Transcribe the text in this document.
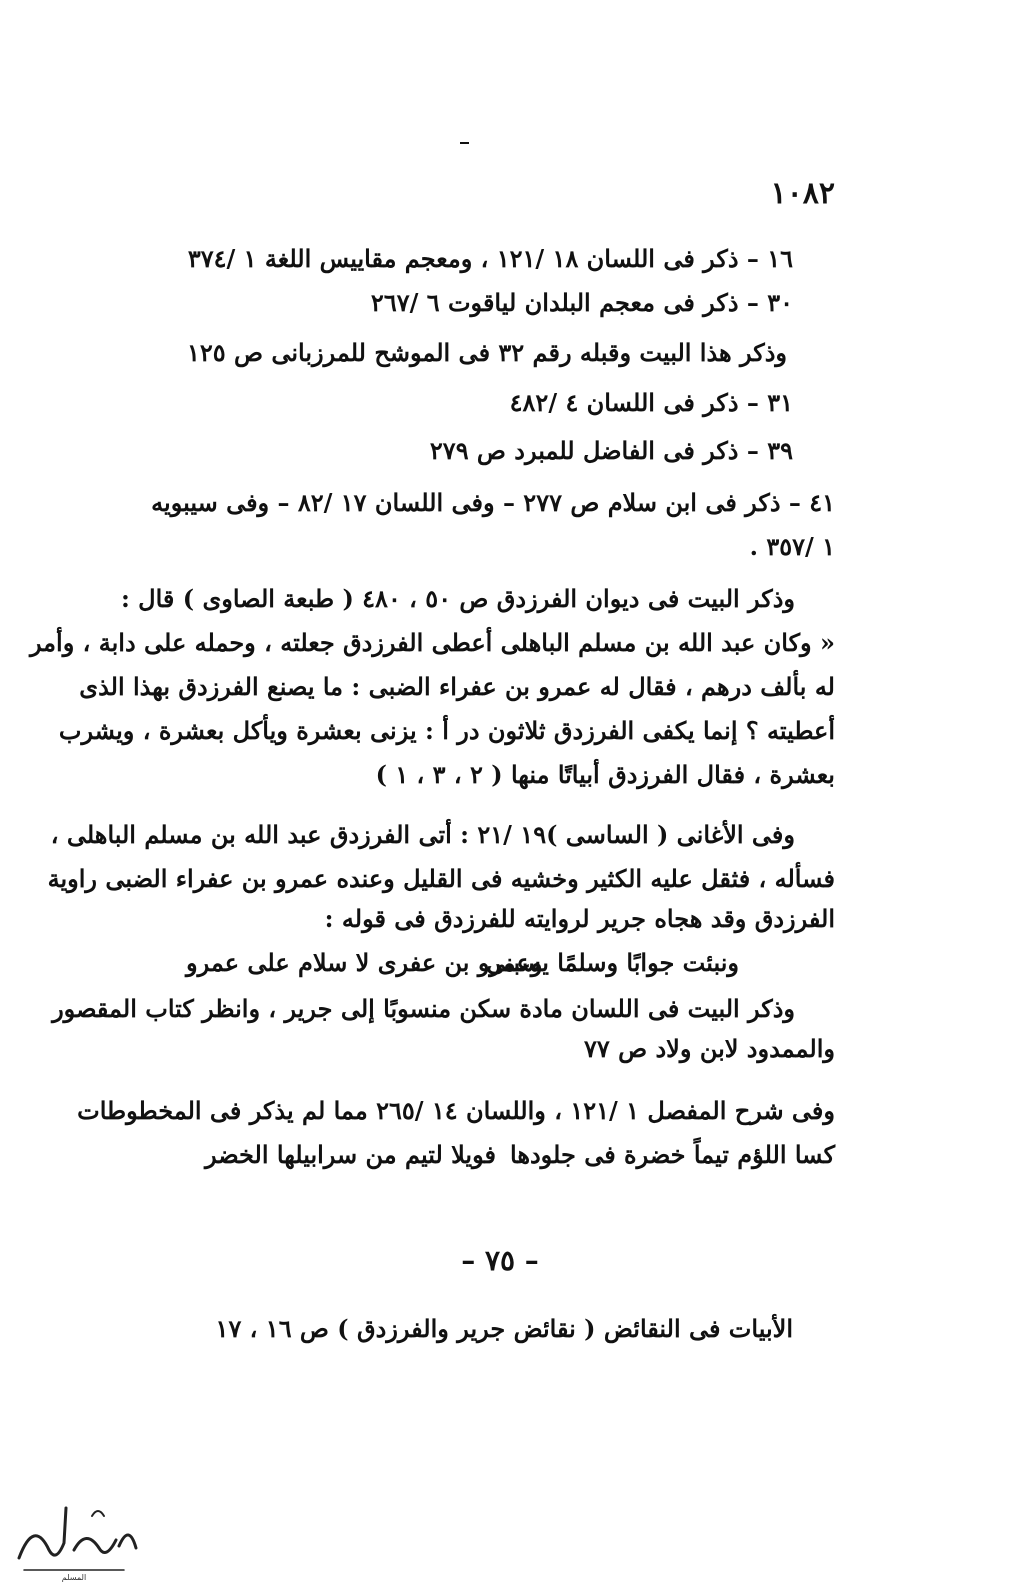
١٠٨٢
١٦ – ذكر فى اللسان ١٨ /١٢١ ، ومعجم مقاييس اللغة ١ /٣٧٤
٣٠ – ذكر فى معجم البلدان لياقوت ٦ /٢٦٧
وذكر هذا البيت وقبله رقم ٣٢ فى الموشح للمرزبانى ص ١٢٥
٣١ – ذكر فى اللسان ٤ /٤٨٢
٣٩ – ذكر فى الفاضل للمبرد ص ٢٧٩
٤١ – ذكر فى ابن سلام ص ٢٧٧ – وفى اللسان ١٧ /٨٢ – وفى سيبويه
١ /٣٥٧ .
وذكر البيت فى ديوان الفرزدق ص ٥٠ ، ٤٨٠ ( طبعة الصاوى ) قال :
« وكان عبد الله بن مسلم الباهلى أعطى الفرزدق جعلته ، وحمله على دابة ، وأمر
له بألف درهم ، فقال له عمرو بن عفراء الضبى : ما يصنع الفرزدق بهذا الذى
أعطيته ؟ إنما يكفى الفرزدق ثلاثون در أ : يزنى بعشرة ويأكل بعشرة ، ويشرب
بعشرة ، فقال الفرزدق أبياتًا منها ( ٢ ، ٣ ، ١ )
وفى الأغانى ( الساسى )١٩ /٢١ : أتى الفرزدق عبد الله بن مسلم الباهلى ،
فسأله ، فثقل عليه الكثير وخشيه فى القليل وعنده عمرو بن عفراء الضبى راوية
الفرزدق وقد هجاه جرير لروايته للفرزدق فى قوله :
ونبئت جوابًا وسلمًا يسبنى
وعمرو بن عفرى لا سلام على عمرو
وذكر البيت فى اللسان مادة سكن منسوبًا إلى جرير ، وانظر كتاب المقصور
والممدود لابن ولاد ص ٧٧
وفى شرح المفصل ١ /١٢١ ، واللسان ١٤ /٢٦٥ مما لم يذكر فى المخطوطات
كسا اللؤم تيماً خضرة فى جلودها
فويلا لتيم من سرابيلها الخضر
– ٧٥ –
الأبيات فى النقائض ( نقائض جرير والفرزدق ) ص ١٦ ، ١٧
المسلم
